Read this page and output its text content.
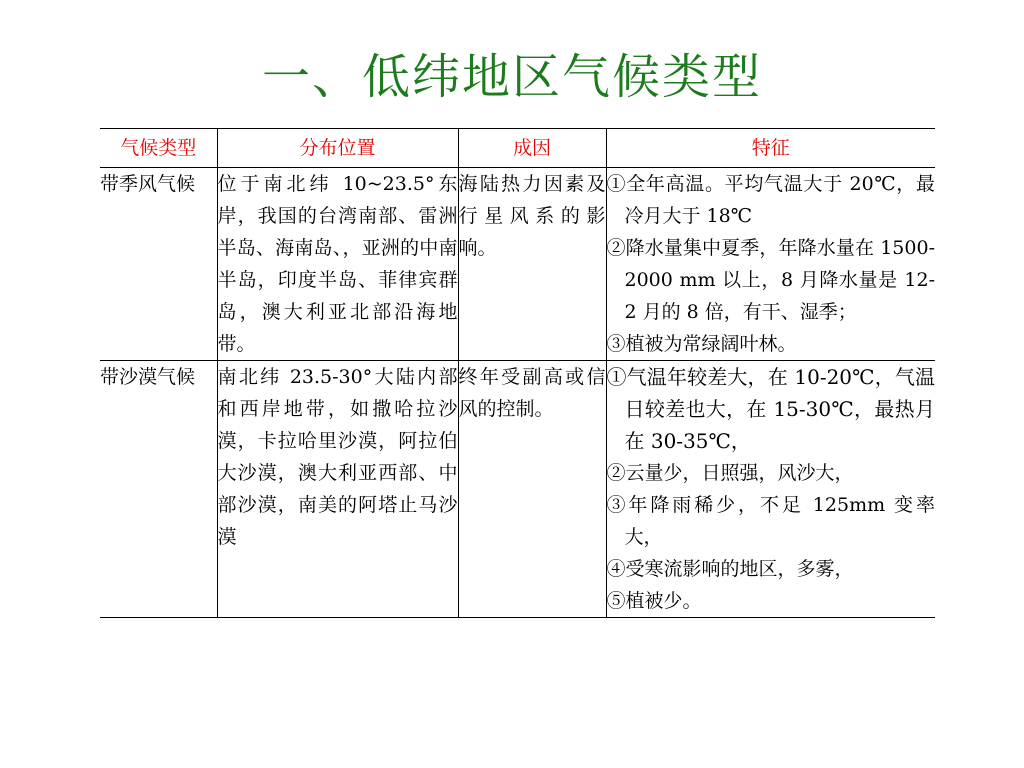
一、低纬地区气候类型
气候类型	分布位置	成因	特征
带季风气候	位于南北纬 10~23.5°东岸，我国的台湾南部、雷洲半岛、海南岛、，亚洲的中南半岛，印度半岛、菲律宾群岛，澳大利亚北部沿海地带。	海陆热力因素及行星风系的影响。	①全年高温。平均气温大于 20℃，最冷月大于 18℃
②降水量集中夏季，年降水量在 1500-2000 mm 以上，8 月降水量是 12-2 月的 8 倍，有干、湿季；
③植被为常绿阔叶林。

带沙漠气候	南北纬 23.5-30°大陆内部和西岸地带，如撒哈拉沙漠，卡拉哈里沙漠，阿拉伯大沙漠，澳大利亚西部、中部沙漠，南美的阿塔止马沙漠	终年受副高或信风的控制。	①气温年较差大，在 10-20℃，气温日较差也大，在 15-30℃，最热月在 30-35℃，
②云量少，日照强，风沙大，
③年降雨稀少，不足 125mm 变率大，
④受寒流影响的地区，多雾，
⑤植被少。
